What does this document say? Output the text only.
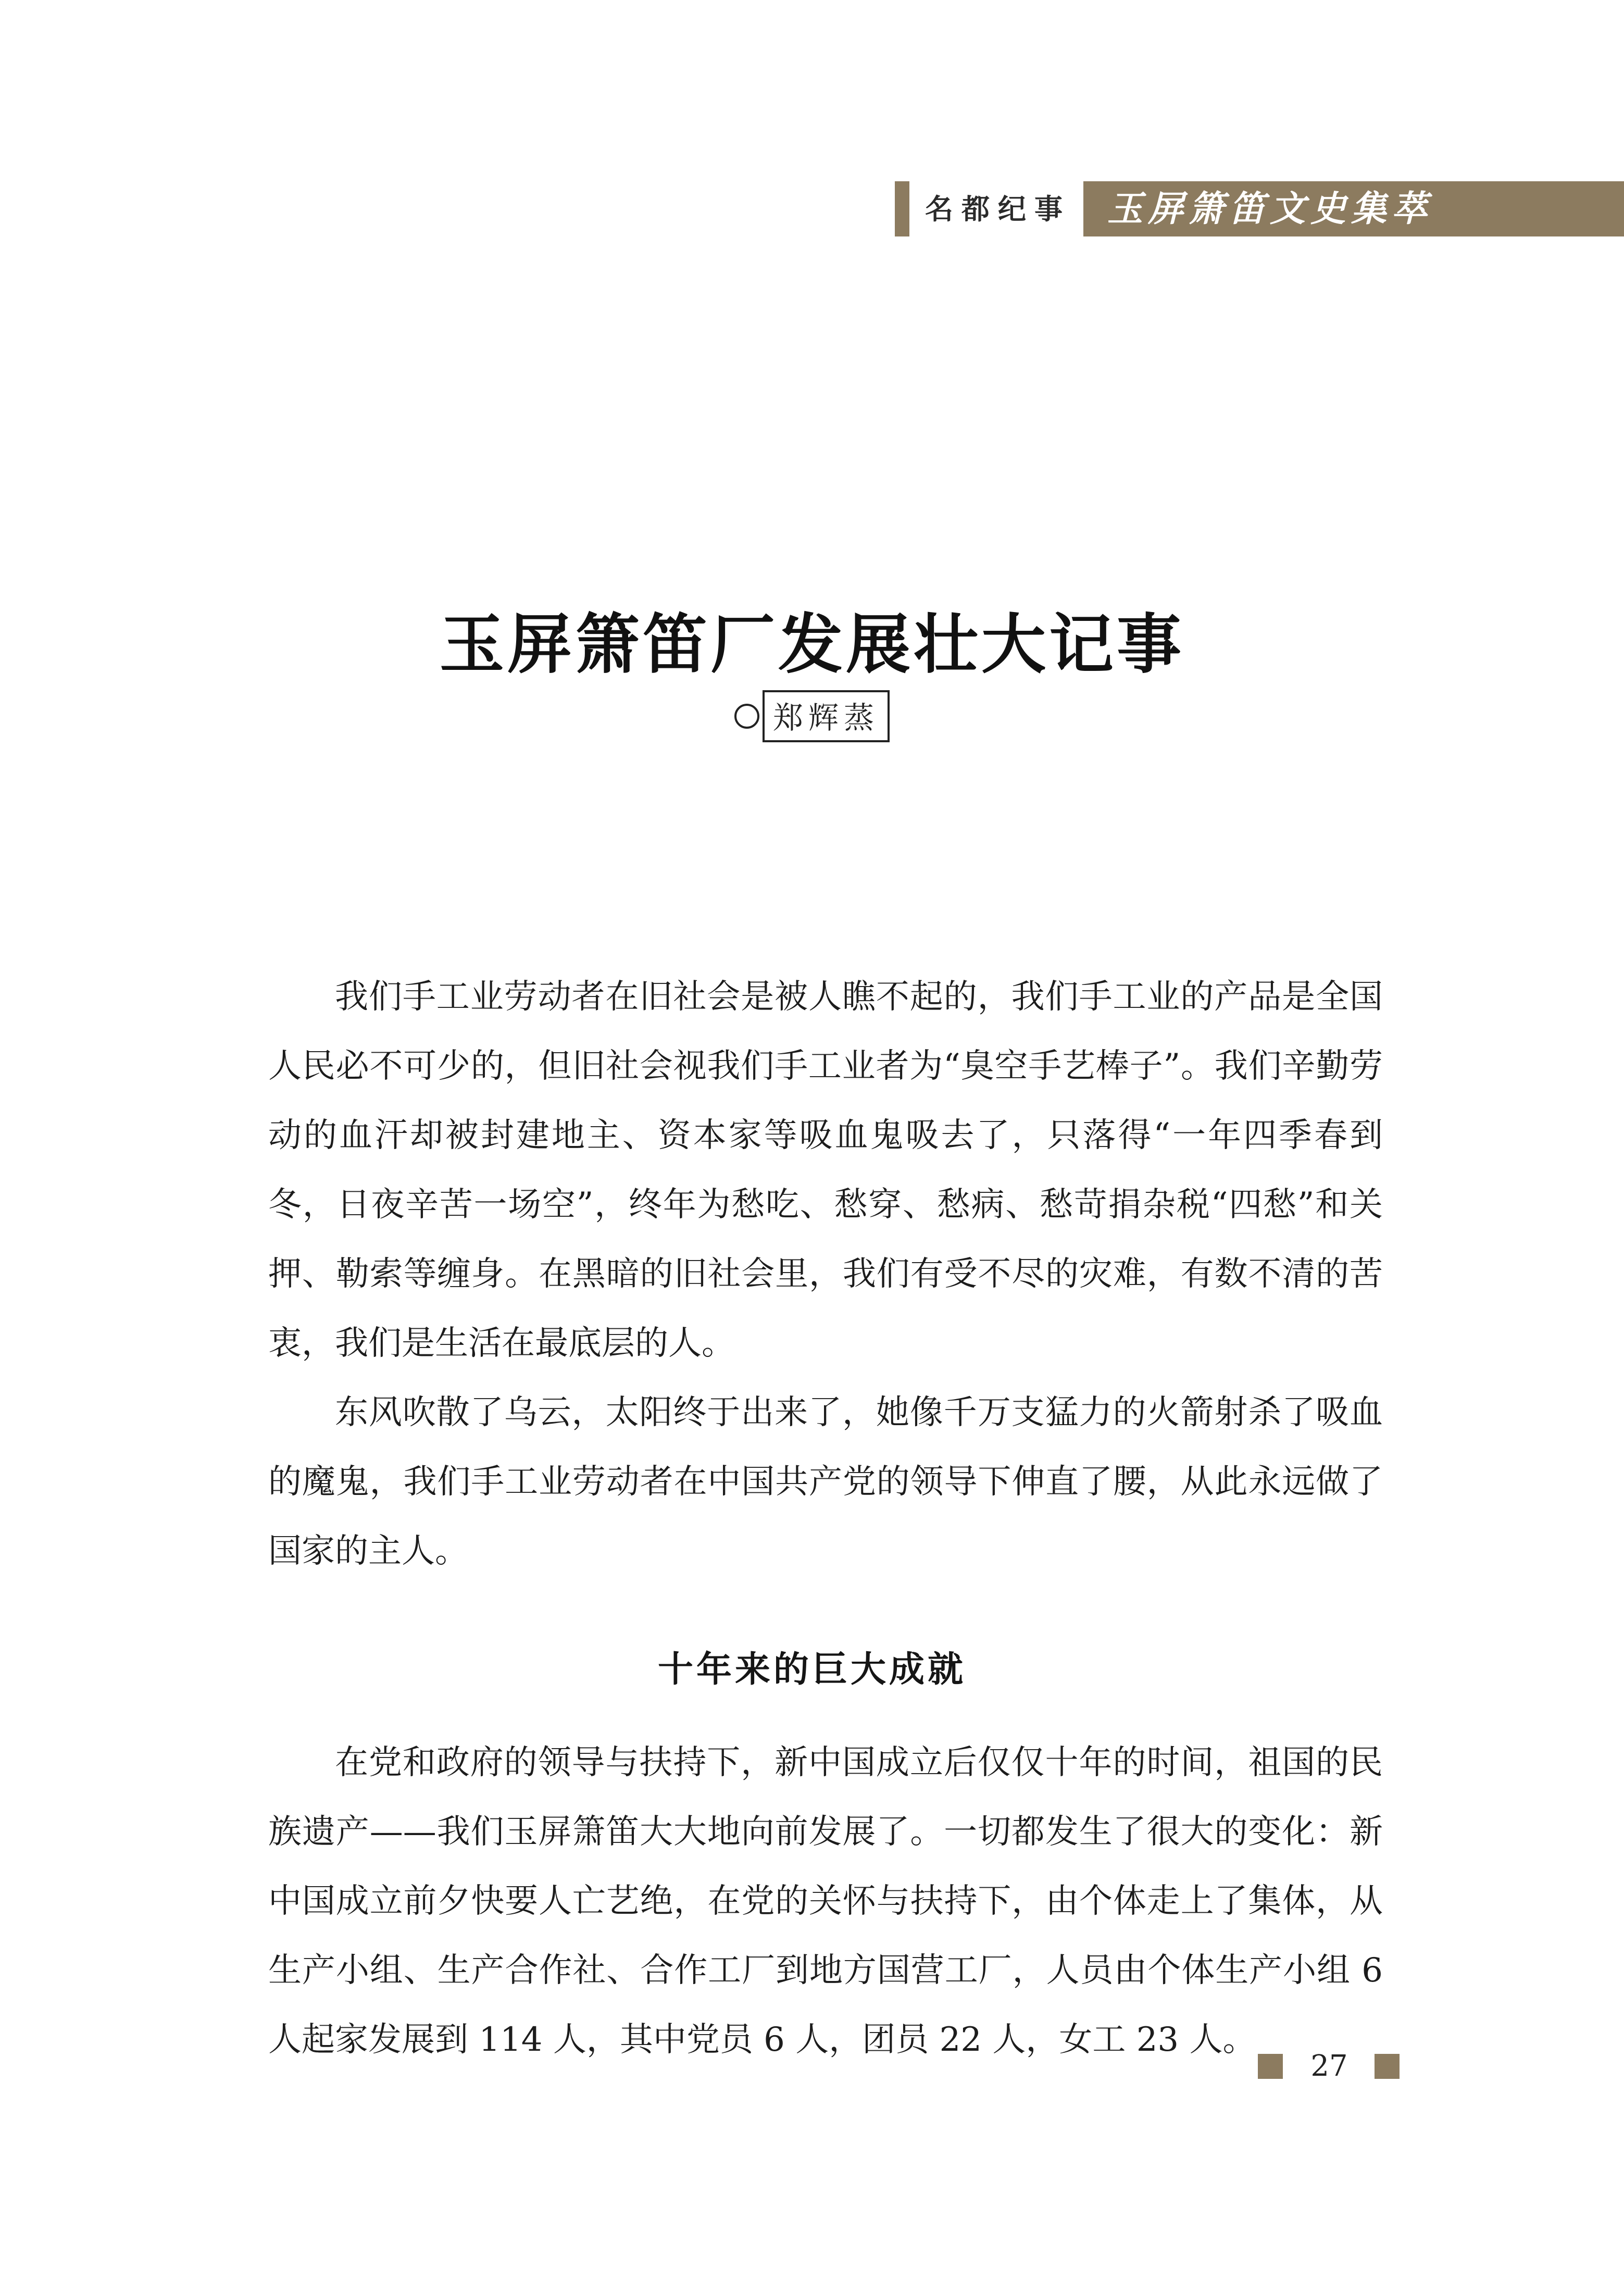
名都纪事 玉屏箫笛文史集萃
玉屏箫笛厂发展壮大记事
郑辉蒸

我们手工业劳动者在旧社会是被人瞧不起的，我们手工业的产品是全国人民必不可少的，但旧社会视我们手工业者为“臭空手艺棒子”。我们辛勤劳动的血汗却被封建地主、资本家等吸血鬼吸去了，只落得“一年四季春到冬，日夜辛苦一场空”，终年为愁吃、愁穿、愁病、愁苛捐杂税“四愁”和关押、勒索等缠身。在黑暗的旧社会里，我们有受不尽的灾难，有数不清的苦衷，我们是生活在最底层的人。

东风吹散了乌云，太阳终于出来了，她像千万支猛力的火箭射杀了吸血的魔鬼，我们手工业劳动者在中国共产党的领导下伸直了腰，从此永远做了国家的主人。

十年来的巨大成就

在党和政府的领导与扶持下，新中国成立后仅仅十年的时间，祖国的民族遗产——我们玉屏箫笛大大地向前发展了。一切都发生了很大的变化：新中国成立前夕快要人亡艺绝，在党的关怀与扶持下，由个体走上了集体，从生产小组、生产合作社、合作工厂到地方国营工厂，人员由个体生产小组 6 人起家发展到 114 人，其中党员 6 人，团员 22 人，女工 23 人。

27
